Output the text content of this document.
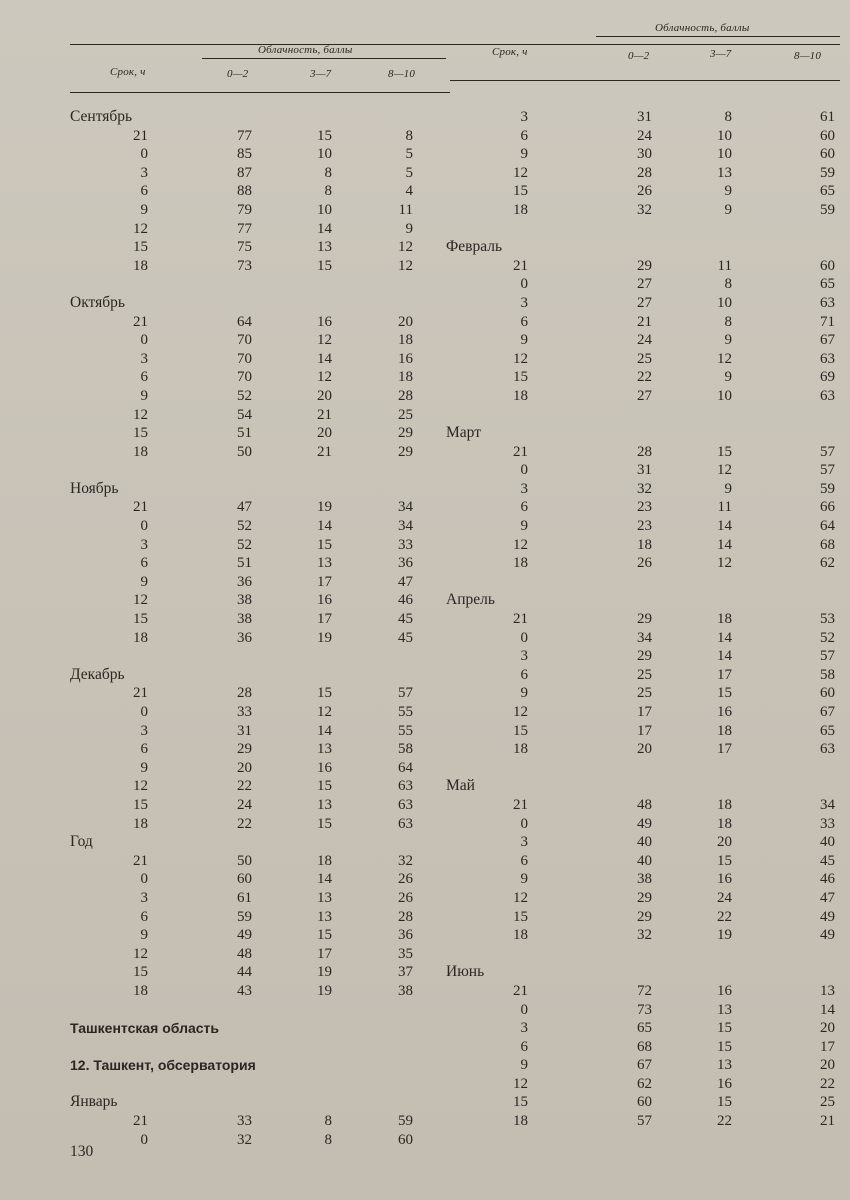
Срок, ч
Облачность, баллы
0—2	3—7	8—10
Сентябрь
21	77	15	8
0	85	10	5
3	87	8	5
6	88	8	4
9	79	10	11
12	77	14	9
15	75	13	12
18	73	15	12
Октябрь
21	64	16	20
0	70	12	18
3	70	14	16
6	70	12	18
9	52	20	28
12	54	21	25
15	51	20	29
18	50	21	29
Ноябрь
21	47	19	34
0	52	14	34
3	52	15	33
6	51	13	36
9	36	17	47
12	38	16	46
15	38	17	45
18	36	19	45
Декабрь
21	28	15	57
0	33	12	55
3	31	14	55
6	29	13	58
9	20	16	64
12	22	15	63
15	24	13	63
18	22	15	63
Год
21	50	18	32
0	60	14	26
3	61	13	26
6	59	13	28
9	49	15	36
12	48	17	35
15	44	19	37
18	43	19	38
Ташкентская область
12. Ташкент, обсерватория
Январь
21	33	8	59
0	32	8	60
Срок, ч
Облачность, баллы
0—2	3—7	8—10
3	31	8	61
6	24	10	60
9	30	10	60
12	28	13	59
15	26	9	65
18	32	9	59
Февраль
21	29	11	60
0	27	8	65
3	27	10	63
6	21	8	71
9	24	9	67
12	25	12	63
15	22	9	69
18	27	10	63
Март
21	28	15	57
0	31	12	57
3	32	9	59
6	23	11	66
9	23	14	64
12	18	14	68
18	26	12	62
Апрель
21	29	18	53
0	34	14	52
3	29	14	57
6	25	17	58
9	25	15	60
12	17	16	67
15	17	18	65
18	20	17	63
Май
21	48	18	34
0	49	18	33
3	40	20	40
6	40	15	45
9	38	16	46
12	29	24	47
15	29	22	49
18	32	19	49
Июнь
21	72	16	13
0	73	13	14
3	65	15	20
6	68	15	17
9	67	13	20
12	62	16	22
15	60	15	25
18	57	22	21
130
